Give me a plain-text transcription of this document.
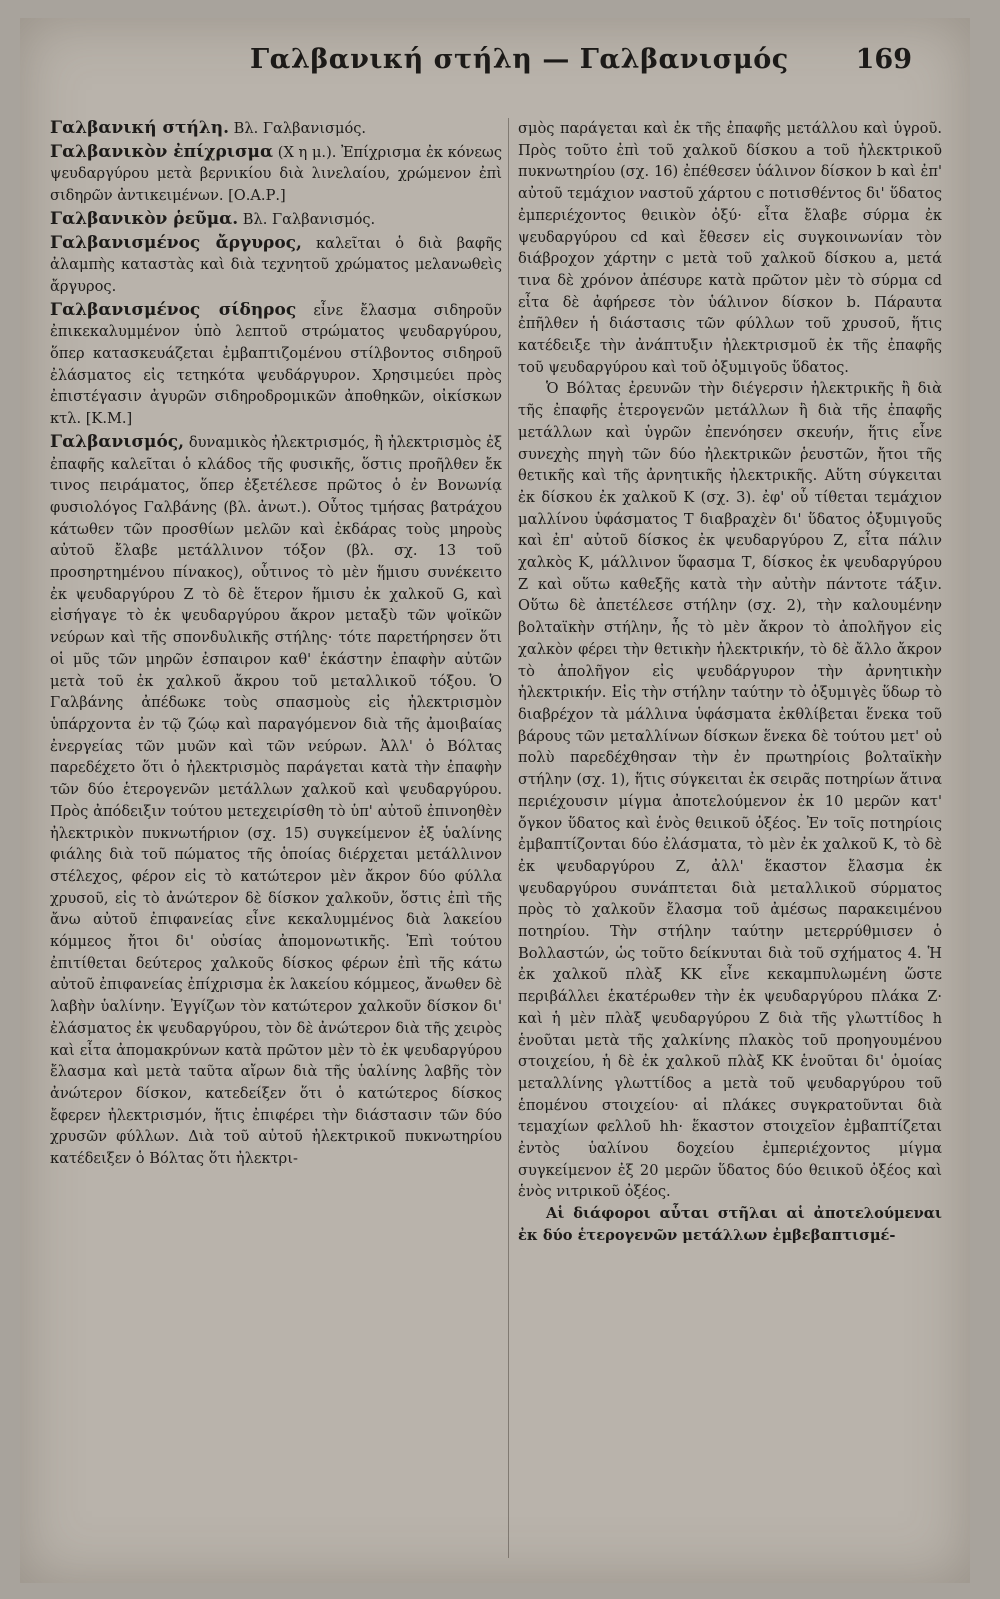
Γαλβανική στήλη — Γαλβανισμός 169

Γαλβανική στήλη. Βλ. Γαλβανισμός.

Γαλβανικὸν ἐπίχρισμα (Χ η μ.). Ἐπίχρισμα ἐκ κόνεως ψευδαργύρου μετὰ βερνικίου διὰ λινελαίου, χρώμενον ἐπὶ σιδηρῶν ἀντικειμένων. [Ο.Α.Ρ.]

Γαλβανικὸν ῥεῦμα. Βλ. Γαλβανισμός.

Γαλβανισμένος ἄργυρος, καλεῖται ὁ διὰ βαφῆς ἀλαμπὴς καταστὰς καὶ διὰ τεχνητοῦ χρώματος μελανωθεὶς ἄργυρος.

Γαλβανισμένος σίδηρος εἶνε ἔλασμα σιδηροῦν ἐπικεκαλυμμένον ὑπὸ λεπτοῦ στρώματος ψευδαργύρου, ὅπερ κατασκευάζεται ἐμβαπτιζομένου στίλβοντος σιδηροῦ ἐλάσματος εἰς τετηκότα ψευδάργυρον. Χρησιμεύει πρὸς ἐπιστέγασιν ἀγυρῶν σιδηροδρομικῶν ἀποθηκῶν, οἰκίσκων κτλ. [Κ.Μ.]

Γαλβανισμός, δυναμικὸς ἠλεκτρισμός, ἢ ἠλεκτρισμὸς ἐξ ἐπαφῆς καλεῖται ὁ κλάδος τῆς φυσικῆς, ὅστις προῆλθεν ἔκ τινος πειράματος, ὅπερ ἐξετέλεσε πρῶτος ὁ ἐν Βονωνίᾳ φυσιολόγος Γαλβάνης (βλ. ἀνωτ.). Οὗτος τμήσας βατράχου κάτωθεν τῶν προσθίων μελῶν καὶ ἐκδάρας τοὺς μηροὺς αὐτοῦ ἔλαβε μετάλλινον τόξον (βλ. σχ. 13 τοῦ προσηρτημένου πίνακος), οὗτινος τὸ μὲν ἥμισυ συνέκειτο ἐκ ψευδαργύρου Ζ τὸ δὲ ἕτερον ἥμισυ ἐκ χαλκοῦ G, καὶ εἰσήγαγε τὸ ἐκ ψευδαργύρου ἄκρον μεταξὺ τῶν ψοϊκῶν νεύρων καὶ τῆς σπονδυλικῆς στήλης· τότε παρετήρησεν ὅτι οἱ μῦς τῶν μηρῶν ἐσπαιρον καθ' ἑκάστην ἐπαφὴν αὐτῶν μετὰ τοῦ ἐκ χαλκοῦ ἄκρου τοῦ μεταλλικοῦ τόξου. Ὁ Γαλβάνης ἀπέδωκε τοὺς σπασμοὺς εἰς ἠλεκτρισμὸν ὑπάρχοντα ἐν τῷ ζώῳ καὶ παραγόμενον διὰ τῆς ἀμοιβαίας ἐνεργείας τῶν μυῶν καὶ τῶν νεύρων. Ἀλλ' ὁ Βόλτας παρεδέχετο ὅτι ὁ ἠλεκτρισμὸς παράγεται κατὰ τὴν ἐπαφὴν τῶν δύο ἑτερογενῶν μετάλλων χαλκοῦ καὶ ψευδαργύρου. Πρὸς ἀπόδειξιν τούτου μετεχειρίσθη τὸ ὑπ' αὐτοῦ ἐπινοηθὲν ἠλεκτρικὸν πυκνωτήριον (σχ. 15) συγκείμενον ἐξ ὑαλίνης φιάλης διὰ τοῦ πώματος τῆς ὁποίας διέρχεται μετάλλινον στέλεχος, φέρον εἰς τὸ κατώτερον μὲν ἄκρον δύο φύλλα χρυσοῦ, εἰς τὸ ἀνώτερον δὲ δίσκον χαλκοῦν, ὅστις ἐπὶ τῆς ἄνω αὐτοῦ ἐπιφανείας εἶνε κεκαλυμμένος διὰ λακείου κόμμεος ἤτοι δι' οὐσίας ἀπομονωτικῆς. Ἐπὶ τούτου ἐπιτίθεται δεύτερος χαλκοῦς δίσκος φέρων ἐπὶ τῆς κάτω αὐτοῦ ἐπιφανείας ἐπίχρισμα ἐκ λακείου κόμμεος, ἄνωθεν δὲ λαβὴν ὑαλίνην. Ἐγγίζων τὸν κατώτερον χαλκοῦν δίσκον δι' ἐλάσματος ἐκ ψευδαργύρου, τὸν δὲ ἀνώτερον διὰ τῆς χειρὸς καὶ εἶτα ἀπομακρύνων κατὰ πρῶτον μὲν τὸ ἐκ ψευδαργύρου ἔλασμα καὶ μετὰ ταῦτα αἴρων διὰ τῆς ὑαλίνης λαβῆς τὸν ἀνώτερον δίσκον, κατεδείξεν ὅτι ὁ κατώτερος δίσκος ἔφερεν ἠλεκτρισμόν, ἥτις ἐπιφέρει τὴν διάστασιν τῶν δύο χρυσῶν φύλλων. Διὰ τοῦ αὐτοῦ ἠλεκτρικοῦ πυκνωτηρίου κατέδειξεν ὁ Βόλτας ὅτι ἠλεκτρι-

σμὸς παράγεται καὶ ἐκ τῆς ἐπαφῆς μετάλλου καὶ ὑγροῦ. Πρὸς τοῦτο ἐπὶ τοῦ χαλκοῦ δίσκου a τοῦ ἠλεκτρικοῦ πυκνωτηρίου (σχ. 16) ἐπέθεσεν ὑάλινον δίσκον b καὶ ἐπ' αὐτοῦ τεμάχιον ναστοῦ χάρτου c ποτισθέντος δι' ὕδατος ἐμπεριέχοντος θειικὸν ὀξύ· εἶτα ἔλαβε σύρμα ἐκ ψευδαργύρου cd καὶ ἔθεσεν εἰς συγκοινωνίαν τὸν διάβροχον χάρτην c μετὰ τοῦ χαλκοῦ δίσκου a, μετά τινα δὲ χρόνον ἀπέσυρε κατὰ πρῶτον μὲν τὸ σύρμα cd εἶτα δὲ ἀφήρεσε τὸν ὑάλινον δίσκον b. Πάραυτα ἐπῆλθεν ἡ διάστασις τῶν φύλλων τοῦ χρυσοῦ, ἥτις κατέδειξε τὴν ἀνάπτυξιν ἠλεκτρισμοῦ ἐκ τῆς ἐπαφῆς τοῦ ψευδαργύρου καὶ τοῦ ὀξυμιγοῦς ὕδατος.

Ὁ Βόλτας ἐρευνῶν τὴν διέγερσιν ἠλεκτρικῆς ἢ διὰ τῆς ἐπαφῆς ἑτερογενῶν μετάλλων ἢ διὰ τῆς ἐπαφῆς μετάλλων καὶ ὑγρῶν ἐπενόησεν σκευήν, ἥτις εἶνε συνεχὴς πηγὴ τῶν δύο ἠλεκτρικῶν ῥευστῶν, ἤτοι τῆς θετικῆς καὶ τῆς ἀρνητικῆς ἠλεκτρικῆς. Αὕτη σύγκειται ἐκ δίσκου ἐκ χαλκοῦ Κ (σχ. 3). ἐφ' οὗ τίθεται τεμάχιον μαλλίνου ὑφάσματος Τ διαβραχὲν δι' ὕδατος ὀξυμιγοῦς καὶ ἐπ' αὐτοῦ δίσκος ἐκ ψευδαργύρου Ζ, εἶτα πάλιν χαλκὸς Κ, μάλλινον ὕφασμα Τ, δίσκος ἐκ ψευδαργύρου Ζ καὶ οὕτω καθεξῆς κατὰ τὴν αὐτὴν πάντοτε τάξιν. Οὕτω δὲ ἀπετέλεσε στήλην (σχ. 2), τὴν καλουμένην βολταϊκὴν στήλην, ἧς τὸ μὲν ἄκρον τὸ ἀπολῆγον εἰς χαλκὸν φέρει τὴν θετικὴν ἠλεκτρικήν, τὸ δὲ ἄλλο ἄκρον τὸ ἀπολῆγον εἰς ψευδάργυρον τὴν ἀρνητικὴν ἠλεκτρικήν. Εἰς τὴν στήλην ταύτην τὸ ὀξυμιγὲς ὕδωρ τὸ διαβρέχον τὰ μάλλινα ὑφάσματα ἐκθλίβεται ἕνεκα τοῦ βάρους τῶν μεταλλίνων δίσκων ἕνεκα δὲ τούτου μετ' οὐ πολὺ παρεδέχθησαν τὴν ἐν πρωτηρίοις βολταϊκὴν στήλην (σχ. 1), ἥτις σύγκειται ἐκ σειρᾶς ποτηρίων ἅτινα περιέχουσιν μίγμα ἀποτελούμενον ἐκ 10 μερῶν κατ' ὄγκον ὕδατος καὶ ἑνὸς θειικοῦ ὀξέος. Ἐν τοῖς ποτηρίοις ἐμβαπτίζονται δύο ἐλάσματα, τὸ μὲν ἐκ χαλκοῦ Κ, τὸ δὲ ἐκ ψευδαργύρου Ζ, ἀλλ' ἕκαστον ἔλασμα ἐκ ψευδαργύρου συνάπτεται διὰ μεταλλικοῦ σύρματος πρὸς τὸ χαλκοῦν ἔλασμα τοῦ ἀμέσως παρακειμένου ποτηρίου. Τὴν στήλην ταύτην μετερρύθμισεν ὁ Βολλαστών, ὡς τοῦτο δείκνυται διὰ τοῦ σχήματος 4. Ἡ ἐκ χαλκοῦ πλὰξ ΚΚ εἶνε κεκαμπυλωμένη ὥστε περιβάλλει ἑκατέρωθεν τὴν ἐκ ψευδαργύρου πλάκα Ζ· καὶ ἡ μὲν πλὰξ ψευδαργύρου Ζ διὰ τῆς γλωττίδος h ἑνοῦται μετὰ τῆς χαλκίνης πλακὸς τοῦ προηγουμένου στοιχείου, ἡ δὲ ἐκ χαλκοῦ πλὰξ ΚΚ ἑνοῦται δι' ὁμοίας μεταλλίνης γλωττίδος a μετὰ τοῦ ψευδαργύρου τοῦ ἑπομένου στοιχείου· αἱ πλάκες συγκρατοῦνται διὰ τεμαχίων φελλοῦ hh· ἕκαστον στοιχεῖον ἐμβαπτίζεται ἐντὸς ὑαλίνου δοχείου ἐμπεριέχοντος μίγμα συγκείμενον ἐξ 20 μερῶν ὕδατος δύο θειικοῦ ὀξέος καὶ ἑνὸς νιτρικοῦ ὀξέος.

Αἱ διάφοροι αὗται στῆλαι αἱ ἀποτελούμεναι ἐκ δύο ἑτερογενῶν μετάλλων ἐμβεβαπτισμέ-
